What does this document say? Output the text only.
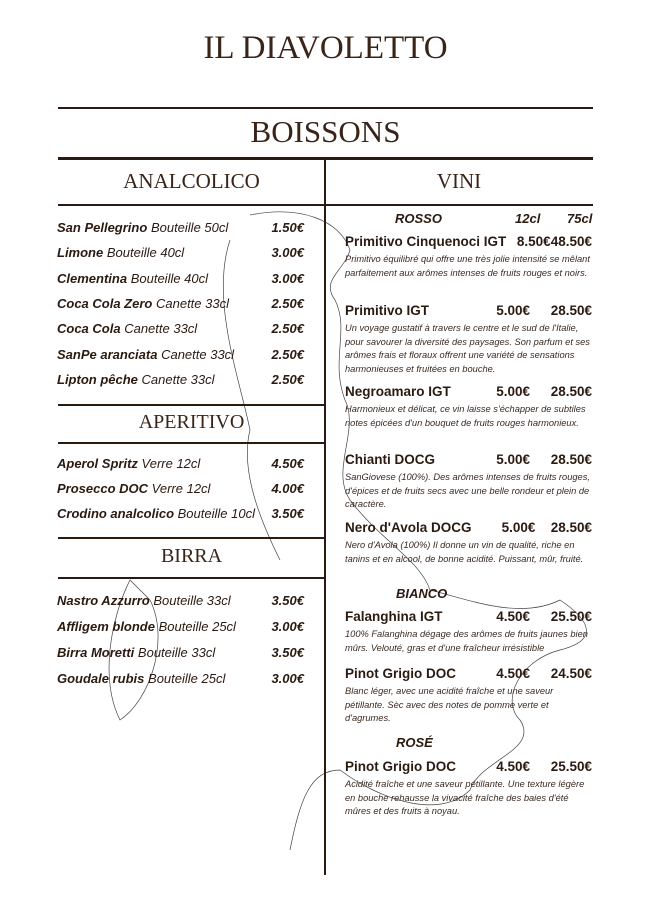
IL DIAVOLETTO
BOISSONS
ANALCOLICO	VINI
San Pellegrino Bouteille 50cl	1.50€
Limone Bouteille 40cl	3.00€
Clementina Bouteille 40cl	3.00€
Coca Cola Zero Canette 33cl	2.50€
Coca Cola Canette 33cl	2.50€
SanPe aranciata Canette 33cl	2.50€
Lipton pêche Canette 33cl	2.50€
Aperol Spritz Verre 12cl	4.50€
Prosecco DOC Verre 12cl	4.00€
Crodino analcolico Bouteille 10cl 3.50€
Nastro Azzurro Bouteille 33cl	3.50€
Affligem blonde Bouteille 25cl	3.00€
Birra Moretti Bouteille 33cl	3.50€
Goudale rubis Bouteille 25cl	3.00€
APERITIVO
BIRRA
ROSSO	12cl 75cl
BIANCO
ROSÉ
Primitivo Cinquenoci IGT 8.50€ 48.50€
Primitivo équilibré qui offre une très jolie intensité se mêlant parfaitement aux arômes intenses de fruits rouges et noirs.
Primitivo IGT	5.00€	28.50€
Un voyage gustatif à travers le centre et le sud de l'Italie, pour savourer la diversité des paysages. Son parfum et ses arômes frais et floraux offrent une variété de sensations harmonieuses et fruitées en bouche.
Negroamaro IGT	5.00€	28.50€
Harmonieux et délicat, ce vin laisse s'échapper de subtiles notes épicées d'un bouquet de fruits rouges harmonieux.
Chianti DOCG	5.00€	28.50€
SanGiovese (100%). Des arômes intenses de fruits rouges, d'épices et de fruits secs avec une belle rondeur et plein de caractère.
Nero d'Avola DOCG	5.00€	28.50€
Nero d'Avola (100%) Il donne un vin de qualité, riche en tanins et en alcool, de bonne acidité. Puissant, mûr, fruité.
Falanghina IGT	4.50€	25.50€
100% Falanghina dégage des arômes de fruits jaunes bien mûrs. Velouté, gras et d'une fraîcheur irrésistible
Pinot Grigio DOC	4.50€	24.50€
Blanc léger, avec une acidité fraîche et une saveur pétillante. Sèc avec des notes de pomme verte et d'agrumes.
Pinot Grigio DOC	4.50€	25.50€
Acidité fraîche et une saveur pétillante. Une texture légère en bouche rehausse la vivacité fraîche des baies d'été mûres et des fruits à noyau.
